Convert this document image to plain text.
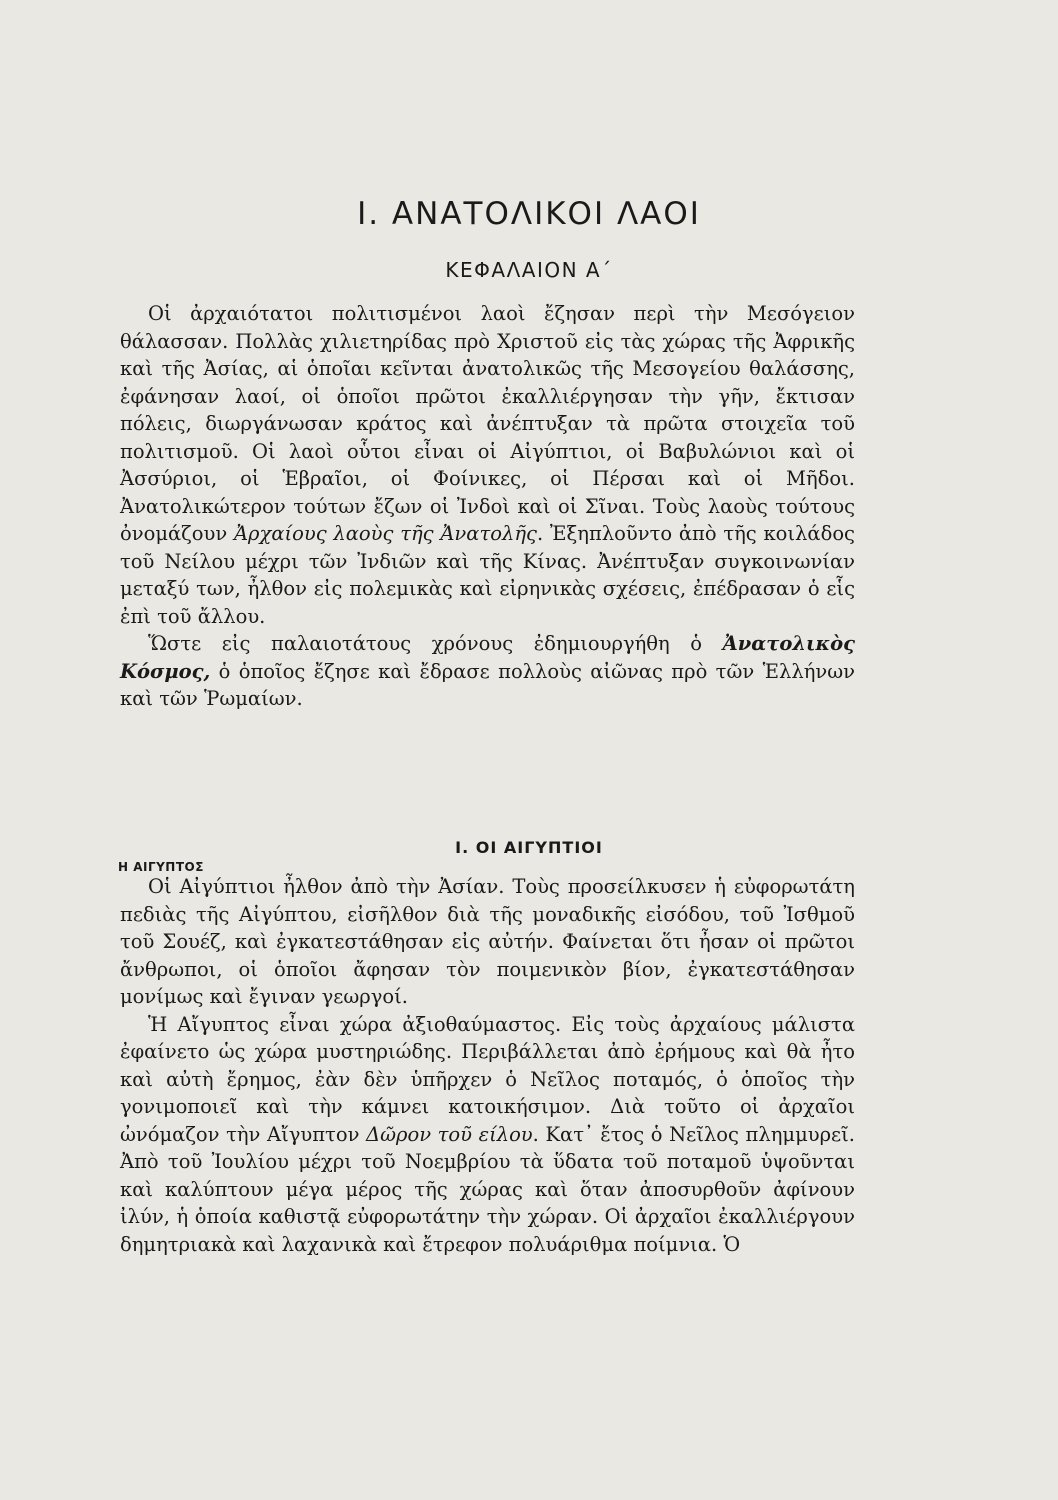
I. ΑΝΑΤΟΛΙΚΟΙ ΛΑΟΙ
ΚΕΦΑΛΑΙΟΝ Α΄

Οἱ ἀρχαιότατοι πολιτισμένοι λαοὶ ἔζησαν περὶ τὴν Μεσόγειον θάλασσαν. Πολλὰς χιλιετηρίδας πρὸ Χριστοῦ εἰς τὰς χώρας τῆς Ἀφρικῆς καὶ τῆς Ἀσίας, αἱ ὁποῖαι κεῖνται ἀνατολικῶς τῆς Μεσογείου θαλάσσης, ἐφάνησαν λαοί, οἱ ὁποῖοι πρῶτοι ἐκαλλιέργησαν τὴν γῆν, ἔκτισαν πόλεις, διωργάνωσαν κράτος καὶ ἀνέπτυξαν τὰ πρῶτα στοιχεῖα τοῦ πολιτισμοῦ. Οἱ λαοὶ οὗτοι εἶναι οἱ Αἰγύπτιοι, οἱ Βαβυλώνιοι καὶ οἱ Ἀσσύριοι, οἱ Ἑβραῖοι, οἱ Φοίνικες, οἱ Πέρσαι καὶ οἱ Μῆδοι. Ἀνατολικώτερον τούτων ἔζων οἱ Ἰνδοὶ καὶ οἱ Σῖναι. Τοὺς λαοὺς τούτους ὀνομάζουν Ἀρχαίους λαοὺς τῆς Ἀνατολῆς. Ἐξηπλοῦντο ἀπὸ τῆς κοιλάδος τοῦ Νείλου μέχρι τῶν Ἰνδιῶν καὶ τῆς Κίνας. Ἀνέπτυξαν συγκοινωνίαν μεταξύ των, ἦλθον εἰς πολεμικὰς καὶ εἰρηνικὰς σχέσεις, ἐπέδρασαν ὁ εἷς ἐπὶ τοῦ ἄλλου.

Ὥστε εἰς παλαιοτάτους χρόνους ἐδημιουργήθη ὁ Ἀνατολικὸς Κόσμος, ὁ ὁποῖος ἔζησε καὶ ἔδρασε πολλοὺς αἰῶνας πρὸ τῶν Ἑλλήνων καὶ τῶν Ῥωμαίων.

I. ΟΙ ΑΙΓΥΠΤΙΟΙ
Η ΑΙΓΥΠΤΟΣ

Οἱ Αἰγύπτιοι ἦλθον ἀπὸ τὴν Ἀσίαν. Τοὺς προσείλκυσεν ἡ εὐφορωτάτη πεδιὰς τῆς Αἰγύπτου, εἰσῆλθον διὰ τῆς μοναδικῆς εἰσόδου, τοῦ Ἰσθμοῦ τοῦ Σουέζ, καὶ ἐγκατεστάθησαν εἰς αὐτήν. Φαίνεται ὅτι ἦσαν οἱ πρῶτοι ἄνθρωποι, οἱ ὁποῖοι ἄφησαν τὸν ποιμενικὸν βίον, ἐγκατεστάθησαν μονίμως καὶ ἔγιναν γεωργοί.

Ἡ Αἴγυπτος εἶναι χώρα ἀξιοθαύμαστος. Εἰς τοὺς ἀρχαίους μάλιστα ἐφαίνετο ὡς χώρα μυστηριώδης. Περιβάλλεται ἀπὸ ἐρήμους καὶ θὰ ἦτο καὶ αὐτὴ ἔρημος, ἐὰν δὲν ὑπῆρχεν ὁ Νεῖλος ποταμός, ὁ ὁποῖος τὴν γονιμοποιεῖ καὶ τὴν κάμνει κατοικήσιμον. Διὰ τοῦτο οἱ ἀρχαῖοι ὠνόμαζον τὴν Αἴγυπτον Δῶρον τοῦ είλου. Κατ᾿ ἔτος ὁ Νεῖλος πλημμυρεῖ. Ἀπὸ τοῦ Ἰουλίου μέχρι τοῦ Νοεμβρίου τὰ ὕδατα τοῦ ποταμοῦ ὑψοῦνται καὶ καλύπτουν μέγα μέρος τῆς χώρας καὶ ὅταν ἀποσυρθοῦν ἀφίνουν ἰλύν, ἡ ὁποία καθιστᾷ εὐφορωτάτην τὴν χώραν. Οἱ ἀρχαῖοι ἐκαλλιέργουν δημητριακὰ καὶ λαχανικὰ καὶ ἔτρεφον πολυάριθμα ποίμνια. Ὁ
